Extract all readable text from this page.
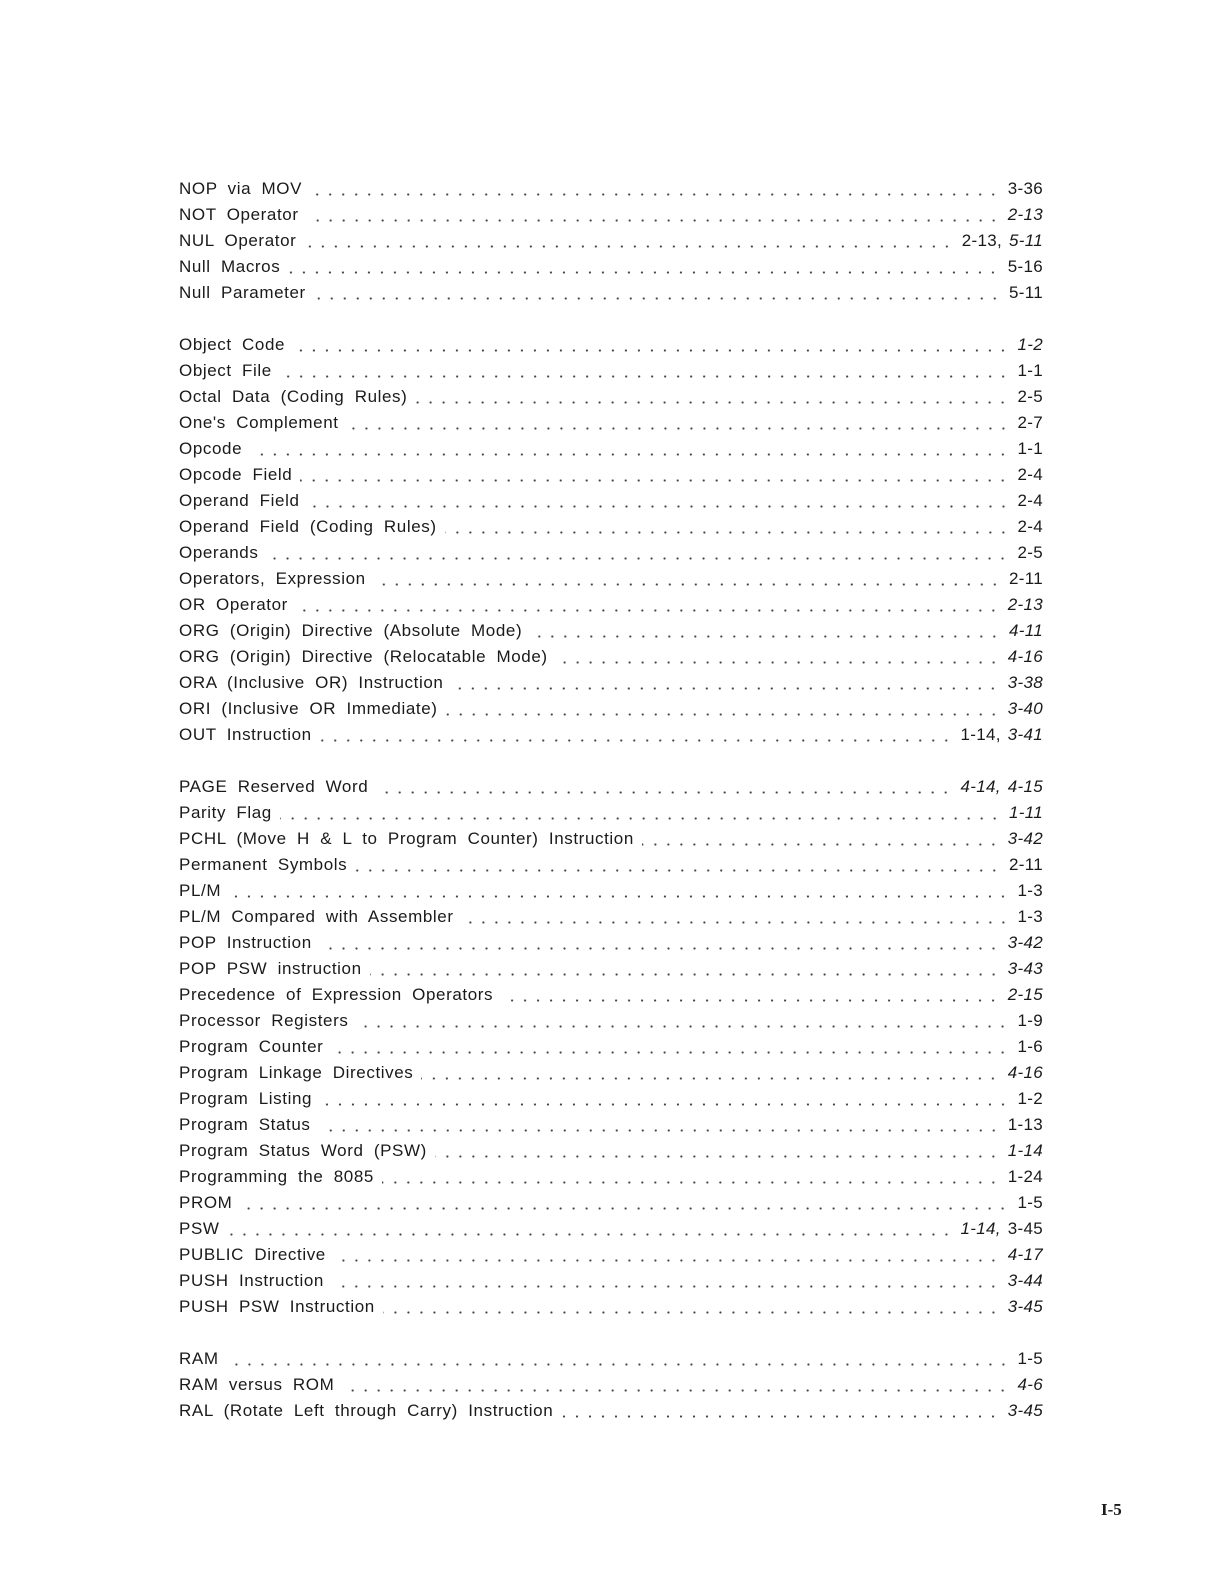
NOP via MOV	3-36
NOT Operator	2-13
NUL Operator	2-13, 5-11
Null Macros	5-16
Null Parameter	5-11
Object Code	1-2
Object File	1-1
Octal Data (Coding Rules)	2-5
One's Complement	2-7
Opcode	1-1
Opcode Field	2-4
Operand Field	2-4
Operand Field (Coding Rules)	2-4
Operands	2-5
Operators, Expression	2-11
OR Operator	2-13
ORG (Origin) Directive (Absolute Mode)	4-11
ORG (Origin) Directive (Relocatable Mode)	4-16
ORA (Inclusive OR) Instruction	3-38
ORI (Inclusive OR Immediate)	3-40
OUT Instruction	1-14, 3-41
PAGE Reserved Word	4-14, 4-15
Parity Flag	1-11
PCHL (Move H & L to Program Counter) Instruction	3-42
Permanent Symbols	2-11
PL/M	1-3
PL/M Compared with Assembler	1-3
POP Instruction	3-42
POP PSW instruction	3-43
Precedence of Expression Operators	2-15
Processor Registers	1-9
Program Counter	1-6
Program Linkage Directives	4-16
Program Listing	1-2
Program Status	1-13
Program Status Word (PSW)	1-14
Programming the 8085	1-24
PROM	1-5
PSW	1-14, 3-45
PUBLIC Directive	4-17
PUSH Instruction	3-44
PUSH PSW Instruction	3-45
RAM	1-5
RAM versus ROM	4-6
RAL (Rotate Left through Carry) Instruction	3-45
I-5
